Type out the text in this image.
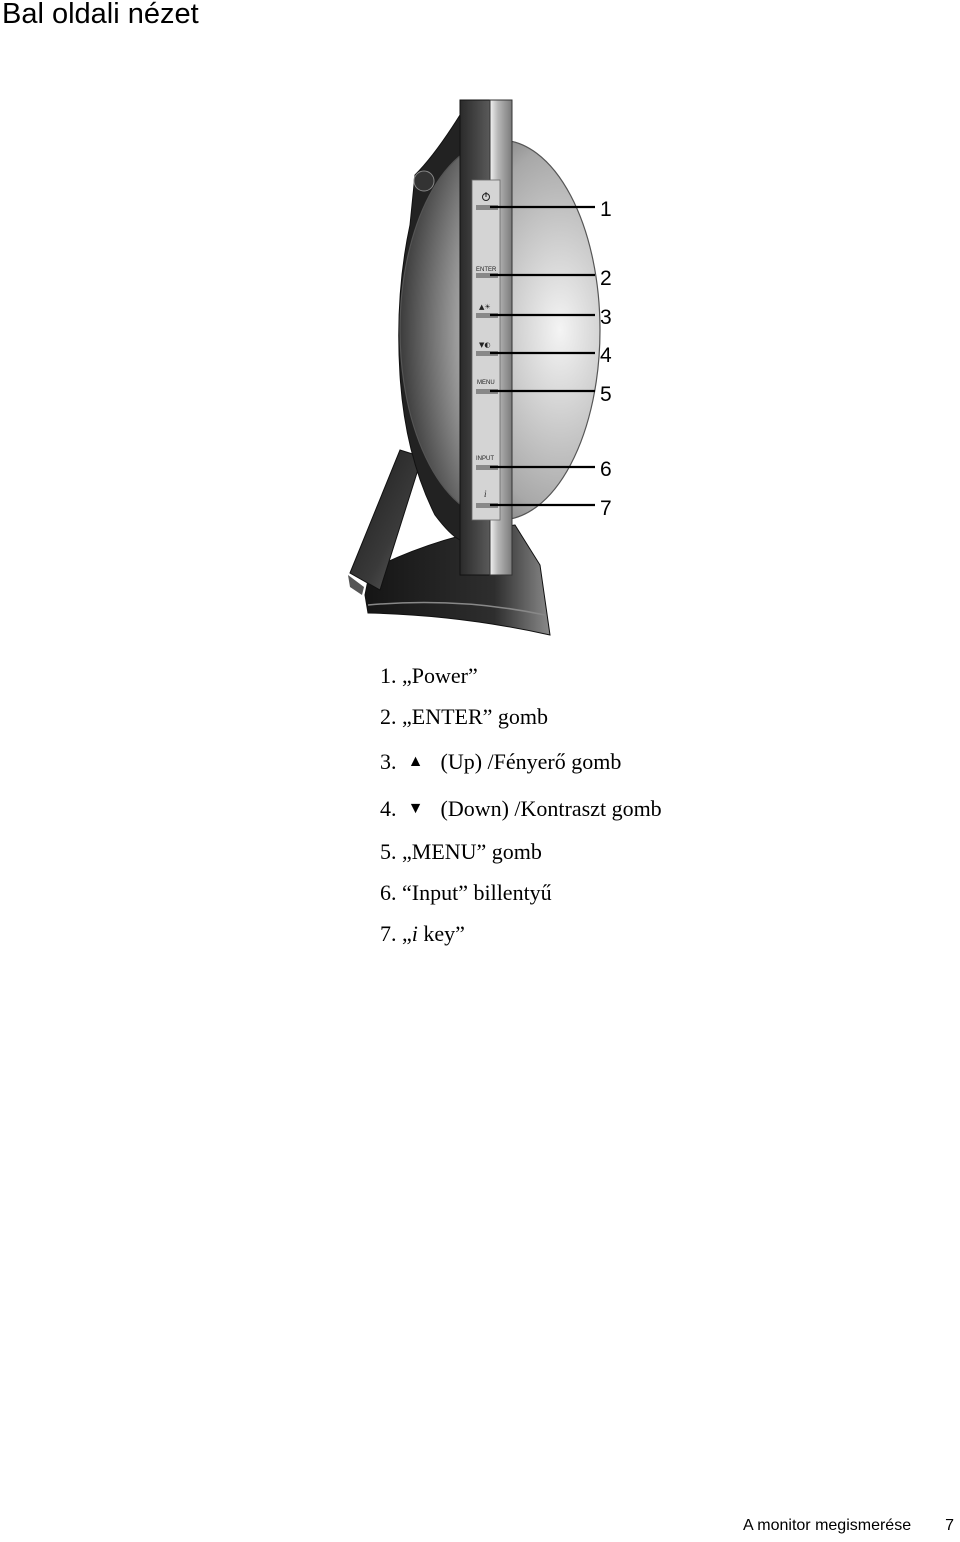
Bal oldali nézet
ENTER
▲☀
▼◐
MENU
INPUT
i
1
2
3
4
5
6
7
1. „Power”
2. „ENTER” gomb
3. ▲ (Up) /Fényerő gomb
4. ▼ (Down) /Kontraszt gomb
5. „MENU” gomb
6. “Input” billentyű
7. „i key”
A monitor megismerése 7
